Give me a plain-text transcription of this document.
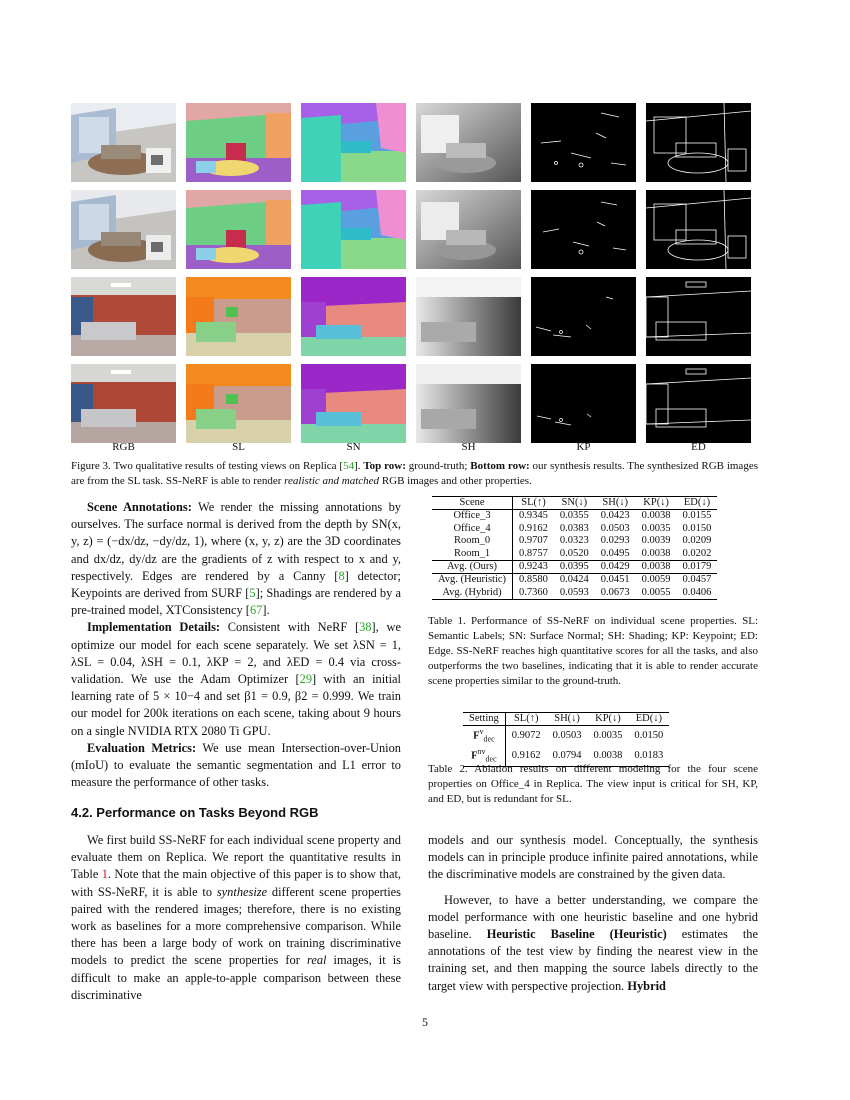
RGB	SL	SN	SH	KP	ED
Figure 3. Two qualitative results of testing views on Replica [54]. Top row: ground-truth; Bottom row: our synthesis results. The synthesized RGB images are from the SL task. SS-NeRF is able to render realistic and matched RGB images and other properties.

Scene Annotations: We render the missing annotations by ourselves. The surface normal is derived from the depth by SN(x, y, z) = (−dx/dz, −dy/dz, 1), where (x, y, z) are the 3D coordinates and dx/dz, dy/dz are the gradients of z with respect to x and y, respectively. Edges are rendered by a Canny [8] detector; Keypoints are derived from SURF [5]; Shadings are rendered by a pre-trained model, XTConsistency [67].

Implementation Details: Consistent with NeRF [38], we optimize our model for each scene separately. We set λSN = 1, λSL = 0.04, λSH = 0.1, λKP = 2, and λED = 0.4 via cross-validation. We use the Adam Optimizer [29] with an initial learning rate of 5 × 10−4 and set β1 = 0.9, β2 = 0.999. We train our model for 200k iterations on each scene, taking about 9 hours on a single NVIDIA RTX 2080 Ti GPU.

Evaluation Metrics: We use mean Intersection-over-Union (mIoU) to evaluate the semantic segmentation and L1 error to measure the performance of other tasks.

4.2. Performance on Tasks Beyond RGB

We first build SS-NeRF for each individual scene property and evaluate them on Replica. We report the quantitative results in Table 1. Note that the main objective of this paper is to show that, with SS-NeRF, it is able to synthesize different scene properties paired with the rendered images; therefore, there is no existing work as baselines for a more comprehensive comparison. While there has been a large body of work on training discriminative models to predict the scene properties for real images, it is difficult to make an apple-to-apple comparison between these discriminative

Scene	SL(↑)	SN(↓)	SH(↓)	KP(↓)	ED(↓)
Office_3	0.9345	0.0355	0.0423	0.0038	0.0155
Office_4	0.9162	0.0383	0.0503	0.0035	0.0150
Room_0	0.9707	0.0323	0.0293	0.0039	0.0209
Room_1	0.8757	0.0520	0.0495	0.0038	0.0202
Avg. (Ours)	0.9243	0.0395	0.0429	0.0038	0.0179
Avg. (Heuristic)	0.8580	0.0424	0.0451	0.0059	0.0457
Avg. (Hybrid)	0.7360	0.0593	0.0673	0.0055	0.0406
Table 1. Performance of SS-NeRF on individual scene properties. SL: Semantic Labels; SN: Surface Normal; SH: Shading; KP: Keypoint; ED: Edge. SS-NeRF reaches high quantitative scores for all the tasks, and also outperforms the two baselines, indicating that it is able to render accurate scene properties similar to the ground-truth.
Setting	SL(↑)	SH(↓)	KP(↓)	ED(↓)
$F^v_{dec}$	0.9072	0.0503	0.0035	0.0150
$F^{nv}_{dec}$	0.9162	0.0794	0.0038	0.0183
Table 2. Ablation results on different modeling for the four scene properties on Office_4 in Replica. The view input is critical for SH, KP, and ED, but is redundant for SL.

models and our synthesis model. Conceptually, the synthesis models can in principle produce infinite paired annotations, while the discriminative models are constrained by the given data.

However, to have a better understanding, we compare the model performance with one heuristic baseline and one hybrid baseline. Heuristic Baseline (Heuristic) estimates the annotations of the test view by finding the nearest view in the training set, and then mapping the source labels directly to the target view with perspective projection. Hybrid

5
